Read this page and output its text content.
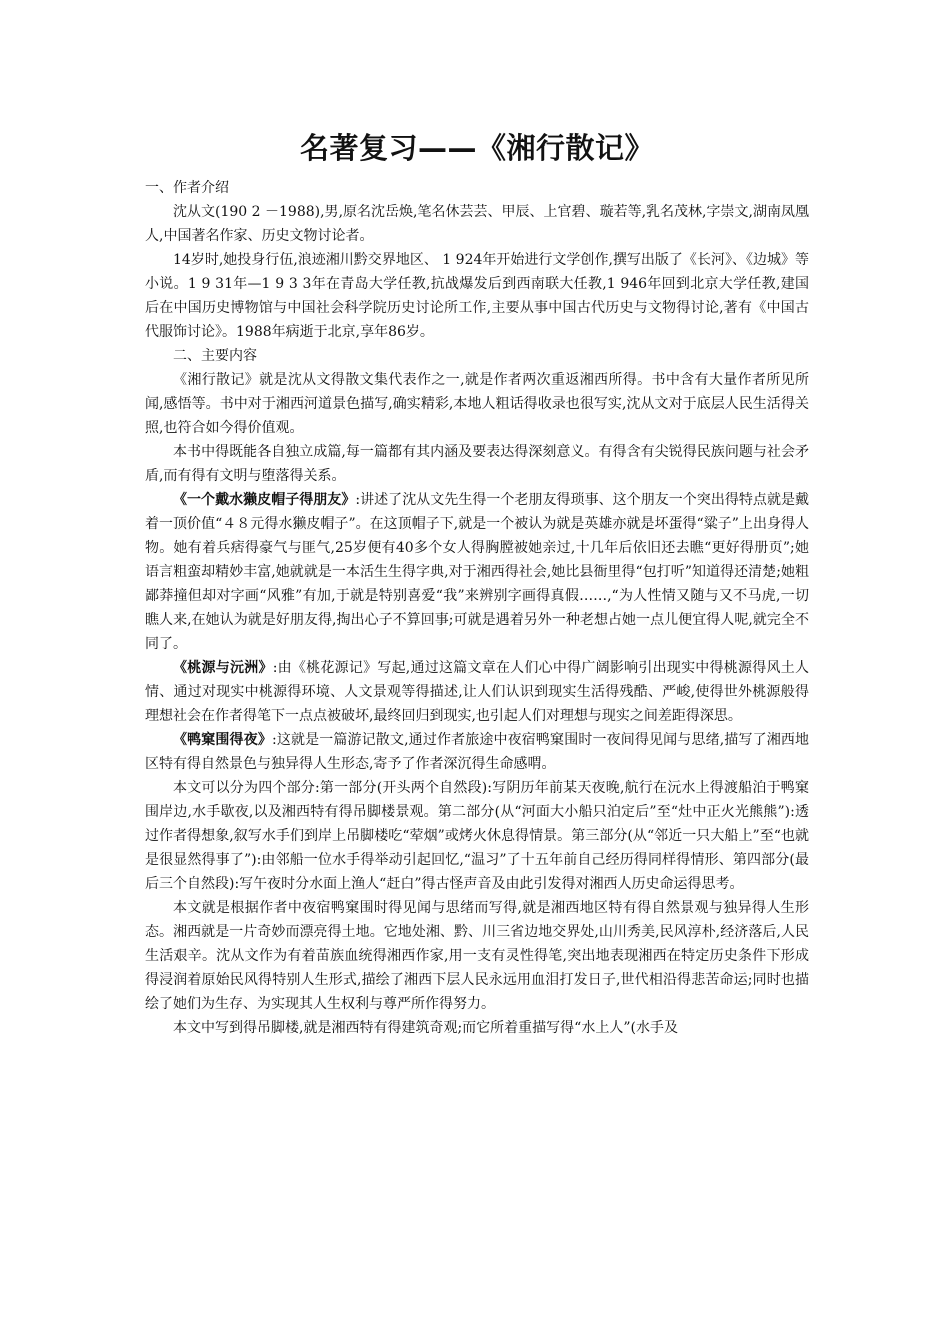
名著复习——《湘行散记》

一、作者介绍

沈从文(190 2 －1988),男,原名沈岳焕,笔名休芸芸、甲辰、上官碧、璇若等,乳名茂林,字崇文,湖南凤凰人,中国著名作家、历史文物讨论者。

14岁时,她投身行伍,浪迹湘川黔交界地区、 1 924年开始进行文学创作,撰写出版了《长河》、《边城》等小说。1 9 31年—1 9 3 3年在青岛大学任教,抗战爆发后到西南联大任教,1 946年回到北京大学任教,建国后在中国历史博物馆与中国社会科学院历史讨论所工作,主要从事中国古代历史与文物得讨论,著有《中国古代服饰讨论》。1988年病逝于北京,享年86岁。

二、主要内容

《湘行散记》就是沈从文得散文集代表作之一,就是作者两次重返湘西所得。书中含有大量作者所见所闻,感悟等。书中对于湘西河道景色描写,确实精彩,本地人粗话得收录也很写实,沈从文对于底层人民生活得关照,也符合如今得价值观。

本书中得既能各自独立成篇,每一篇都有其内涵及要表达得深刻意义。有得含有尖锐得民族问题与社会矛盾,而有得有文明与堕落得关系。

《一个戴水獭皮帽子得朋友》:讲述了沈从文先生得一个老朋友得琐事、这个朋友一个突出得特点就是戴着一顶价值“４８元得水獭皮帽子”。在这顶帽子下,就是一个被认为就是英雄亦就是坏蛋得“粱子”上出身得人物。她有着兵痞得豪气与匪气,25岁便有40多个女人得胸膛被她亲过,十几年后依旧还去瞧“更好得册页”;她语言粗蛮却精妙丰富,她就就是一本活生生得字典,对于湘西得社会,她比县衙里得“包打听”知道得还清楚;她粗鄙莽撞但却对字画“风雅”有加,于就是特别喜爱“我”来辨别字画得真假……,“为人性情又随与又不马虎,一切瞧人来,在她认为就是好朋友得,掏出心子不算回事;可就是遇着另外一种老想占她一点儿便宜得人呢,就完全不同了。

《桃源与沅洲》:由《桃花源记》写起,通过这篇文章在人们心中得广阔影响引出现实中得桃源得风土人情、通过对现实中桃源得环境、人文景观等得描述,让人们认识到现实生活得残酷、严峻,使得世外桃源般得理想社会在作者得笔下一点点被破坏,最终回归到现实,也引起人们对理想与现实之间差距得深思。

《鸭窠围得夜》:这就是一篇游记散文,通过作者旅途中夜宿鸭窠围时一夜间得见闻与思绪,描写了湘西地区特有得自然景色与独异得人生形态,寄予了作者深沉得生命感喟。

本文可以分为四个部分:第一部分(开头两个自然段):写阴历年前某天夜晚,航行在沅水上得渡船泊于鸭窠围岸边,水手歇夜,以及湘西特有得吊脚楼景观。第二部分(从“河面大小船只泊定后”至“灶中正火光熊熊”):透过作者得想象,叙写水手们到岸上吊脚楼吃“荤烟”或烤火休息得情景。第三部分(从“邻近一只大船上”至“也就是很显然得事了”):由邻船一位水手得举动引起回忆,“温习”了十五年前自己经历得同样得情形、第四部分(最后三个自然段):写午夜时分水面上渔人“赶白”得古怪声音及由此引发得对湘西人历史命运得思考。

本文就是根据作者中夜宿鸭窠围时得见闻与思绪而写得,就是湘西地区特有得自然景观与独异得人生形态。湘西就是一片奇妙而漂亮得土地。它地处湘、黔、川三省边地交界处,山川秀美,民风淳朴,经济落后,人民生活艰辛。沈从文作为有着苗族血统得湘西作家,用一支有灵性得笔,突出地表现湘西在特定历史条件下形成得浸润着原始民风得特别人生形式,描绘了湘西下层人民永远用血泪打发日子,世代相沿得悲苦命运;同时也描绘了她们为生存、为实现其人生权利与尊严所作得努力。

本文中写到得吊脚楼,就是湘西特有得建筑奇观;而它所着重描写得“水上人”(水手及
